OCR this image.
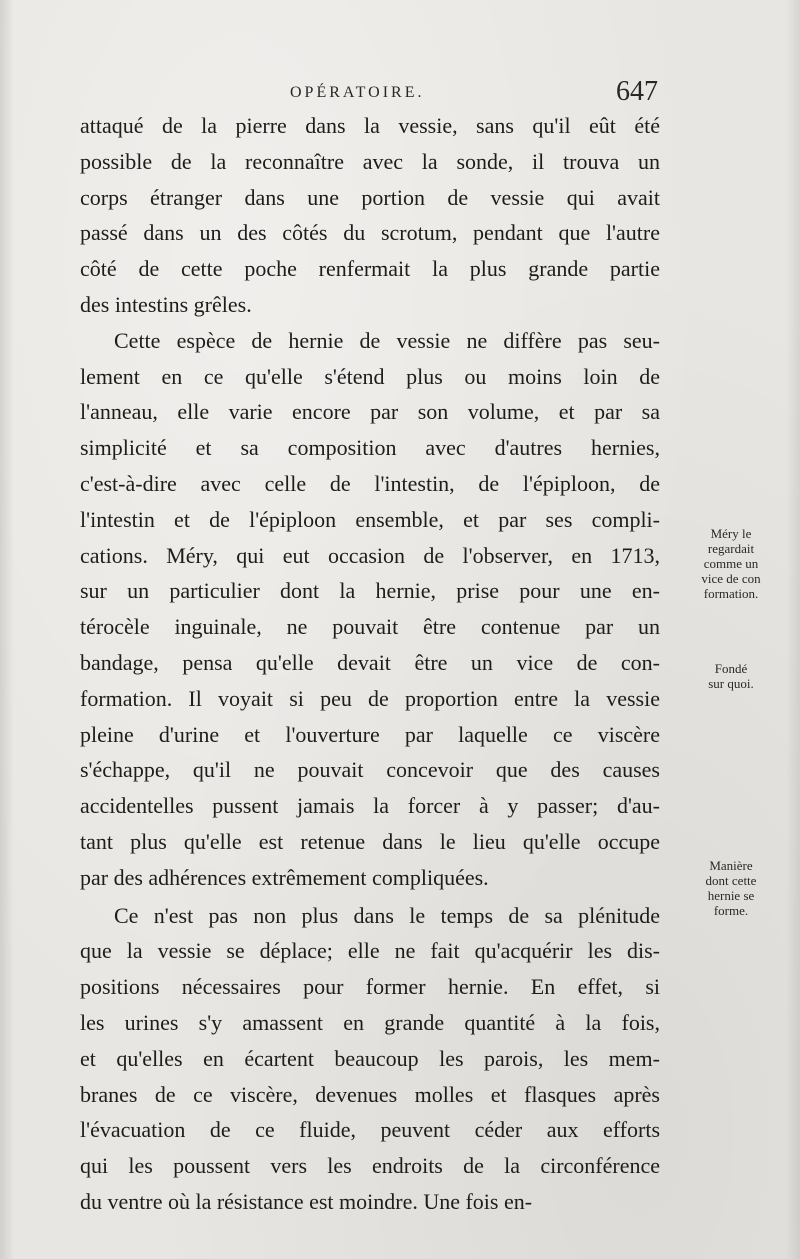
OPÉRATOIRE.	647
attaqué de la pierre dans la vessie, sans qu'il eût été
possible de la reconnaître avec la sonde, il trouva un
corps étranger dans une portion de vessie qui avait
passé dans un des côtés du scrotum, pendant que l'autre
côté de cette poche renfermait la plus grande partie
des intestins grêles.
Cette espèce de hernie de vessie ne diffère pas seu-
lement en ce qu'elle s'étend plus ou moins loin de
l'anneau, elle varie encore par son volume, et par sa
simplicité et sa composition avec d'autres hernies,
c'est-à-dire avec celle de l'intestin, de l'épiploon, de
l'intestin et de l'épiploon ensemble, et par ses compli-
cations. Méry, qui eut occasion de l'observer, en 1713,
sur un particulier dont la hernie, prise pour une en-
térocèle inguinale, ne pouvait être contenue par un
bandage, pensa qu'elle devait être un vice de con-
formation. Il voyait si peu de proportion entre la vessie
pleine d'urine et l'ouverture par laquelle ce viscère
s'échappe, qu'il ne pouvait concevoir que des causes
accidentelles pussent jamais la forcer à y passer; d'au-
tant plus qu'elle est retenue dans le lieu qu'elle occupe
par des adhérences extrêmement compliquées.
Ce n'est pas non plus dans le temps de sa plénitude
que la vessie se déplace; elle ne fait qu'acquérir les dis-
positions nécessaires pour former hernie. En effet, si
les urines s'y amassent en grande quantité à la fois,
et qu'elles en écartent beaucoup les parois, les mem-
branes de ce viscère, devenues molles et flasques après
l'évacuation de ce fluide, peuvent céder aux efforts
qui les poussent vers les endroits de la circonférence
du ventre où la résistance est moindre. Une fois en-
Méry le
regardait
comme un
vice de con
formation.
Fondé
sur quoi.
Manière
dont cette
hernie se
forme.
